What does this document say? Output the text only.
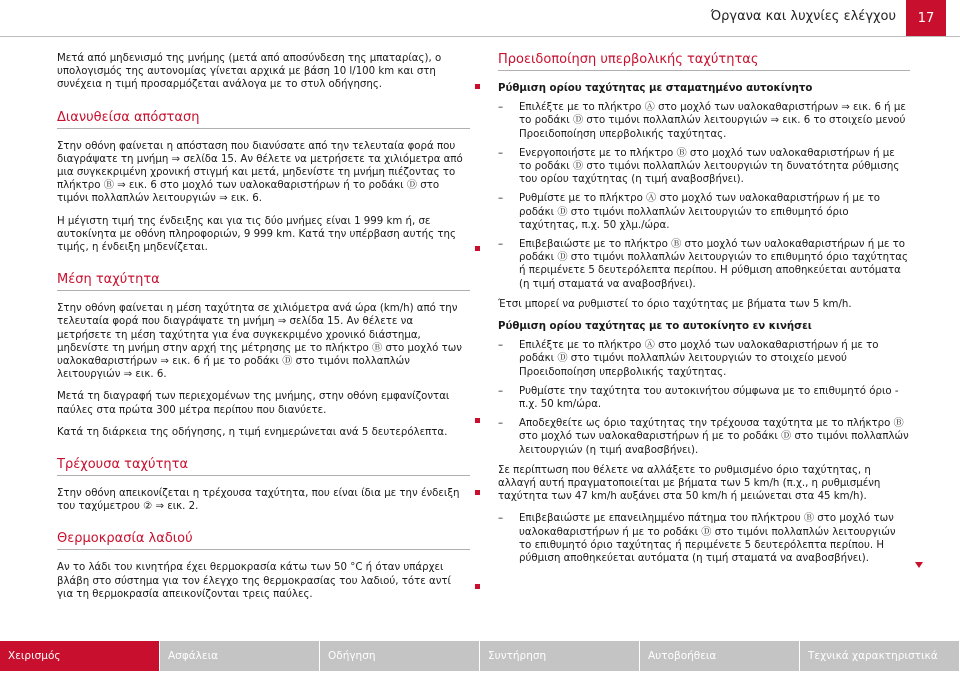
Όργανα και λυχνίες ελέγχου	17

Μετά από μηδενισμό της μνήμης (μετά από αποσύνδεση της μπαταρίας), ο υπολογισμός της αυτονομίας γίνεται αρχικά με βάση 10 l/100 km και στη συνέχεια η τιμή προσαρμόζεται ανάλογα με το στυλ οδήγησης.

Διανυθείσα απόσταση

Στην οθόνη φαίνεται η απόσταση που διανύσατε από την τελευταία φορά που διαγράψατε τη μνήμη ⇒ σελίδα 15. Αν θέλετε να μετρήσετε τα χιλιόμετρα από μια συγκεκριμένη χρονική στιγμή και μετά, μηδενίστε τη μνήμη πιέζοντας το πλήκτρο Ⓑ ⇒ εικ. 6 στο μοχλό των υαλοκαθαριστήρων ή το ροδάκι Ⓓ στο τιμόνι πολλαπλών λειτουργιών ⇒ εικ. 6.

Η μέγιστη τιμή της ένδειξης και για τις δύο μνήμες είναι 1 999 km ή, σε αυτοκίνητα με οθόνη πληροφοριών, 9 999 km. Κατά την υπέρβαση αυτής της τιμής, η ένδειξη μηδενίζεται.

Μέση ταχύτητα

Στην οθόνη φαίνεται η μέση ταχύτητα σε χιλιόμετρα ανά ώρα (km/h) από την τελευταία φορά που διαγράψατε τη μνήμη ⇒ σελίδα 15. Αν θέλετε να μετρήσετε τη μέση ταχύτητα για ένα συγκεκριμένο χρονικό διάστημα, μηδενίστε τη μνήμη στην αρχή της μέτρησης με το πλήκτρο Ⓑ στο μοχλό των υαλοκαθαριστήρων ⇒ εικ. 6 ή με το ροδάκι Ⓓ στο τιμόνι πολλαπλών λειτουργιών ⇒ εικ. 6.

Μετά τη διαγραφή των περιεχομένων της μνήμης, στην οθόνη εμφανίζονται παύλες στα πρώτα 300 μέτρα περίπου που διανύετε.

Κατά τη διάρκεια της οδήγησης, η τιμή ενημερώνεται ανά 5 δευτερόλεπτα.

Τρέχουσα ταχύτητα

Στην οθόνη απεικονίζεται η τρέχουσα ταχύτητα, που είναι ίδια με την ένδειξη του ταχύμετρου ② ⇒ εικ. 2.

Θερμοκρασία λαδιού

Αν το λάδι του κινητήρα έχει θερμοκρασία κάτω των 50 °C ή όταν υπάρχει βλάβη στο σύστημα για τον έλεγχο της θερμοκρασίας του λαδιού, τότε αντί για τη θερμοκρασία απεικονίζονται τρεις παύλες.

Προειδοποίηση υπερβολικής ταχύτητας
Ρύθμιση ορίου ταχύτητας με σταματημένο αυτοκίνητο
– Επιλέξτε με το πλήκτρο Ⓐ στο μοχλό των υαλοκαθαριστήρων ⇒ εικ. 6 ή με το ροδάκι Ⓓ στο τιμόνι πολλαπλών λειτουργιών ⇒ εικ. 6 το στοιχείο μενού Προειδοποίηση υπερβολικής ταχύτητας.
– Ενεργοποιήστε με το πλήκτρο Ⓑ στο μοχλό των υαλοκαθαριστήρων ή με το ροδάκι Ⓓ στο τιμόνι πολλαπλών λειτουργιών τη δυνατότητα ρύθμισης του ορίου ταχύτητας (η τιμή αναβοσβήνει).
– Ρυθμίστε με το πλήκτρο Ⓐ στο μοχλό των υαλοκαθαριστήρων ή με το ροδάκι Ⓓ στο τιμόνι πολλαπλών λειτουργιών το επιθυμητό όριο ταχύτητας, π.χ. 50 χλμ./ώρα.
– Επιβεβαιώστε με το πλήκτρο Ⓑ στο μοχλό των υαλοκαθαριστήρων ή με το ροδάκι Ⓓ στο τιμόνι πολλαπλών λειτουργιών το επιθυμητό όριο ταχύτητας ή περιμένετε 5 δευτερόλεπτα περίπου. Η ρύθμιση αποθηκεύεται αυτόματα (η τιμή σταματά να αναβοσβήνει).

Έτσι μπορεί να ρυθμιστεί το όριο ταχύτητας με βήματα των 5 km/h.

Ρύθμιση ορίου ταχύτητας με το αυτοκίνητο εν κινήσει
– Επιλέξτε με το πλήκτρο Ⓐ στο μοχλό των υαλοκαθαριστήρων ή με το ροδάκι Ⓓ στο τιμόνι πολλαπλών λειτουργιών το στοιχείο μενού Προειδοποίηση υπερβολικής ταχύτητας.
– Ρυθμίστε την ταχύτητα του αυτοκινήτου σύμφωνα με το επιθυμητό όριο - π.χ. 50 km/ώρα.
– Αποδεχθείτε ως όριο ταχύτητας την τρέχουσα ταχύτητα με το πλήκτρο Ⓑ στο μοχλό των υαλοκαθαριστήρων ή με το ροδάκι Ⓓ στο τιμόνι πολλαπλών λειτουργιών (η τιμή αναβοσβήνει).

Σε περίπτωση που θέλετε να αλλάξετε το ρυθμισμένο όριο ταχύτητας, η αλλαγή αυτή πραγματοποιείται με βήματα των 5 km/h (π.χ., η ρυθμισμένη ταχύτητα των 47 km/h αυξάνει στα 50 km/h ή μειώνεται στα 45 km/h).

– Επιβεβαιώστε με επανειλημμένο πάτημα του πλήκτρου Ⓑ στο μοχλό των υαλοκαθαριστήρων ή με το ροδάκι Ⓓ στο τιμόνι πολλαπλών λειτουργιών το επιθυμητό όριο ταχύτητας ή περιμένετε 5 δευτερόλεπτα περίπου. Η ρύθμιση αποθηκεύεται αυτόματα (η τιμή σταματά να αναβοσβήνει).
Χειρισμός	Ασφάλεια	Οδήγηση	Συντήρηση	Αυτοβοήθεια	Τεχνικά χαρακτηριστικά
